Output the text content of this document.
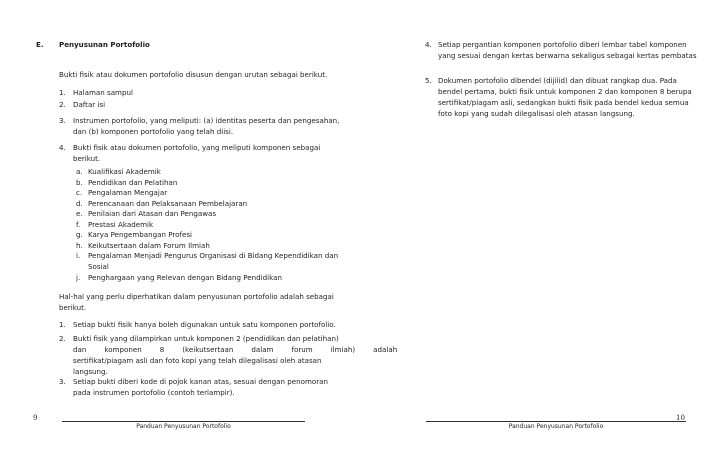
E. Penyusunan Portofolio
Bukti fisik atau dokumen portofolio disusun dengan urutan sebagai berikut.
1. Halaman sampul
2. Daftar isi
3. Instrumen portofolio, yang meliputi: (a) identitas peserta dan pengesahan,
dan (b) komponen portofolio yang telah diisi.
4. Bukti fisik atau dokumen portofolio, yang meliputi komponen sebagai
berikut.
a. Kualifikasi Akademik
b. Pendidikan dan Pelatihan
c. Pengalaman Mengajar
d. Perencanaan dan Pelaksanaan Pembelajaran
e. Penilaian dari Atasan dan Pengawas
f. Prestasi Akademik
g. Karya Pengembangan Profesi
h. Keikutsertaan dalam Forum Ilmiah
i. Pengalaman Menjadi Pengurus Organisasi di Bidang Kependidikan dan
Sosial
j. Penghargaan yang Relevan dengan Bidang Pendidikan
Hal-hal yang perlu diperhatikan dalam penyusunan portofolio adalah sebagai
berikut.
1. Setiap bukti fisik hanya boleh digunakan untuk satu komponen portofolio.
2. Bukti fisik yang dilampirkan untuk komponen 2 (pendidikan dan pelatihan)
dan        komponen        8        (keikutsertaan        dalam        forum        ilmiah)        adalah
sertifikat/piagam asli dan foto kopi yang telah dilegalisasi oleh atasan
langsung.
3. Setiap bukti diberi kode di pojok kanan atas, sesuai dengan penomoran
pada instrumen portofolio (contoh terlampir).
9
Panduan Penyusunan Portofolio
4. Setiap pergantian komponen portofolio diberi lembar tabel komponen
yang sesuai dengan kertas berwarna sekaligus sebagai kertas pembatas
5. Dokumen portofolio dibendel (dijilid) dan dibuat rangkap dua. Pada
bendel pertama, bukti fisik untuk komponen 2 dan komponen 8 berupa
sertifikat/piagam asli, sedangkan bukti fisik pada bendel kedua semua
foto kopi yang sudah dilegalisasi oleh atasan langsung.
Panduan Penyusunan Portofolio
10
